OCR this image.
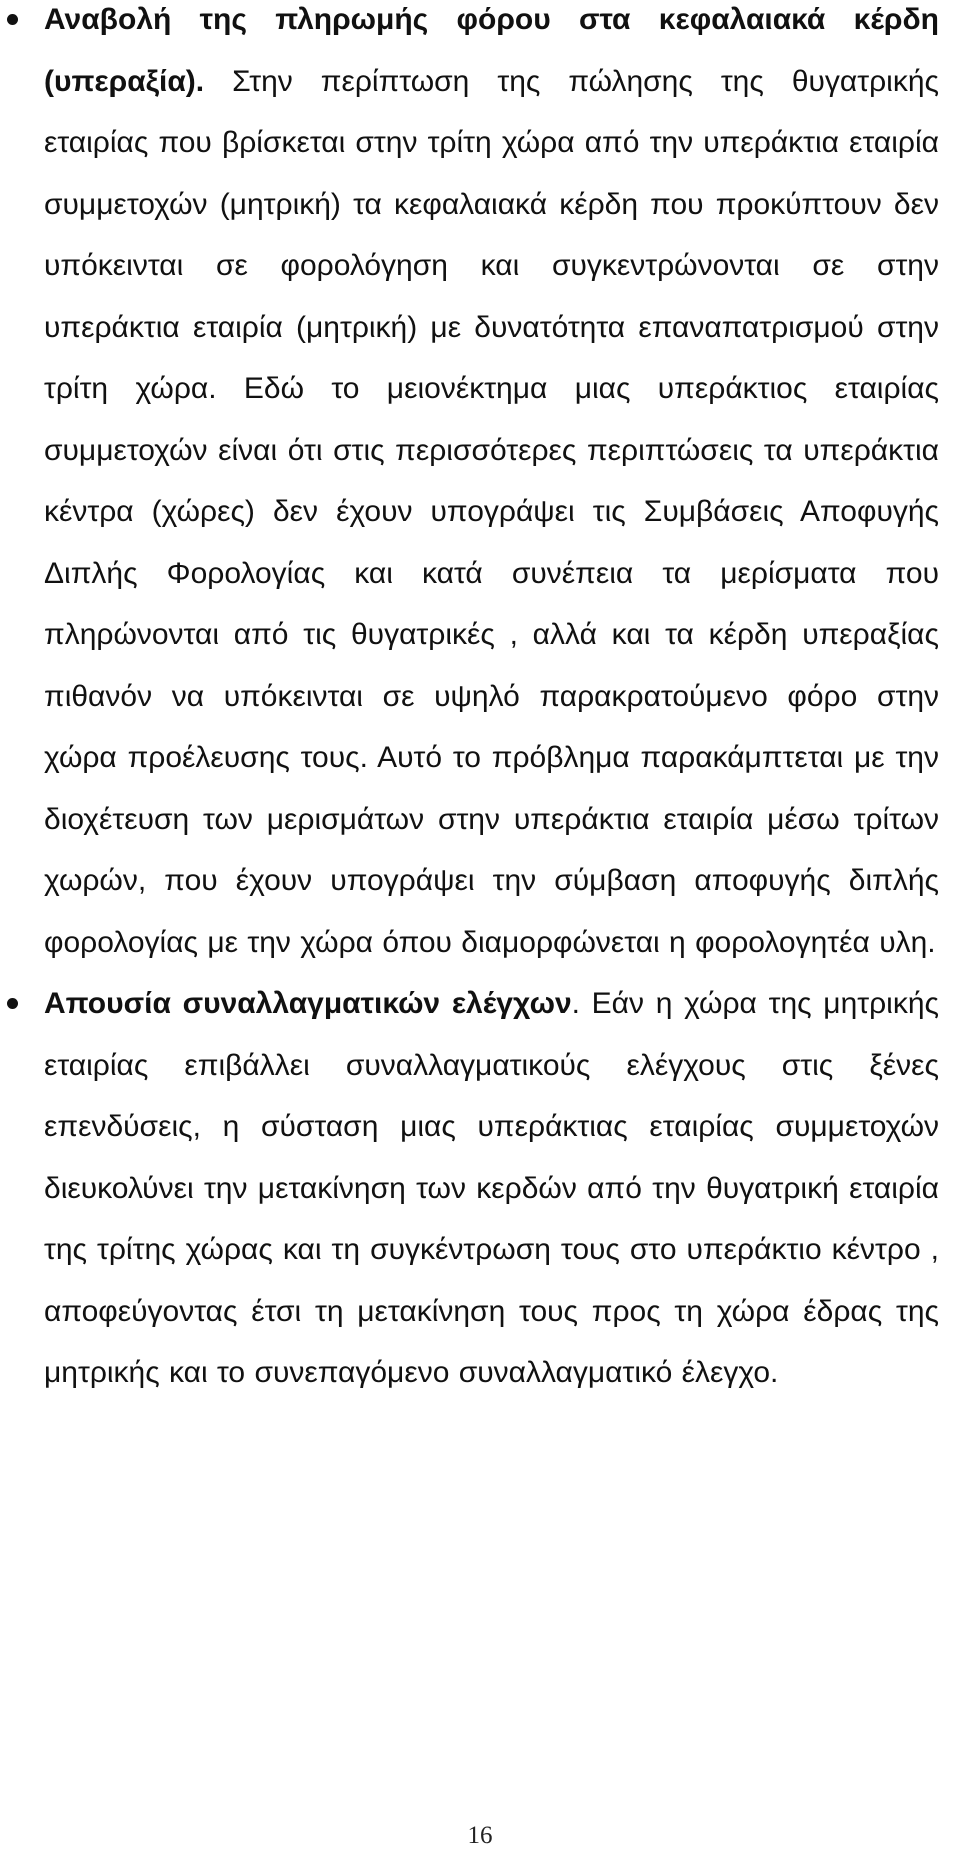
Αναβολή της πληρωμής φόρου στα κεφαλαιακά κέρδη (υπεραξία). Στην περίπτωση της πώλησης της θυγατρικής εταιρίας που βρίσκεται στην τρίτη χώρα από την υπεράκτια εταιρία συμμετοχών (μητρική) τα κεφαλαιακά κέρδη που προκύπτουν δεν υπόκεινται σε φορολόγηση και συγκεντρώνονται σε στην υπεράκτια εταιρία (μητρική) με δυνατότητα επαναπατρισμού στην τρίτη χώρα. Εδώ το μειονέκτημα μιας υπεράκτιος εταιρίας συμμετοχών είναι ότι στις περισσότερες περιπτώσεις τα υπεράκτια κέντρα (χώρες) δεν έχουν υπογράψει τις Συμβάσεις Αποφυγής Διπλής Φορολογίας και κατά συνέπεια τα μερίσματα που πληρώνονται από τις θυγατρικές , αλλά και τα κέρδη υπεραξίας πιθανόν να υπόκεινται σε υψηλό παρακρατούμενο φόρο στην χώρα προέλευσης τους. Αυτό το πρόβλημα παρακάμπτεται με την διοχέτευση των μερισμάτων στην υπεράκτια εταιρία μέσω τρίτων χωρών, που έχουν υπογράψει την σύμβαση αποφυγής διπλής φορολογίας με την χώρα όπου διαμορφώνεται η φορολογητέα υλη.
Απουσία συναλλαγματικών ελέγχων. Εάν η χώρα της μητρικής εταιρίας επιβάλλει συναλλαγματικούς ελέγχους στις ξένες επενδύσεις, η σύσταση μιας υπεράκτιας εταιρίας συμμετοχών διευκολύνει την μετακίνηση των κερδών από την θυγατρική εταιρία της τρίτης χώρας και τη συγκέντρωση τους στο υπεράκτιο κέντρο , αποφεύγοντας έτσι τη μετακίνηση τους προς τη χώρα έδρας της μητρικής και το συνεπαγόμενο συναλλαγματικό έλεγχο.
16
